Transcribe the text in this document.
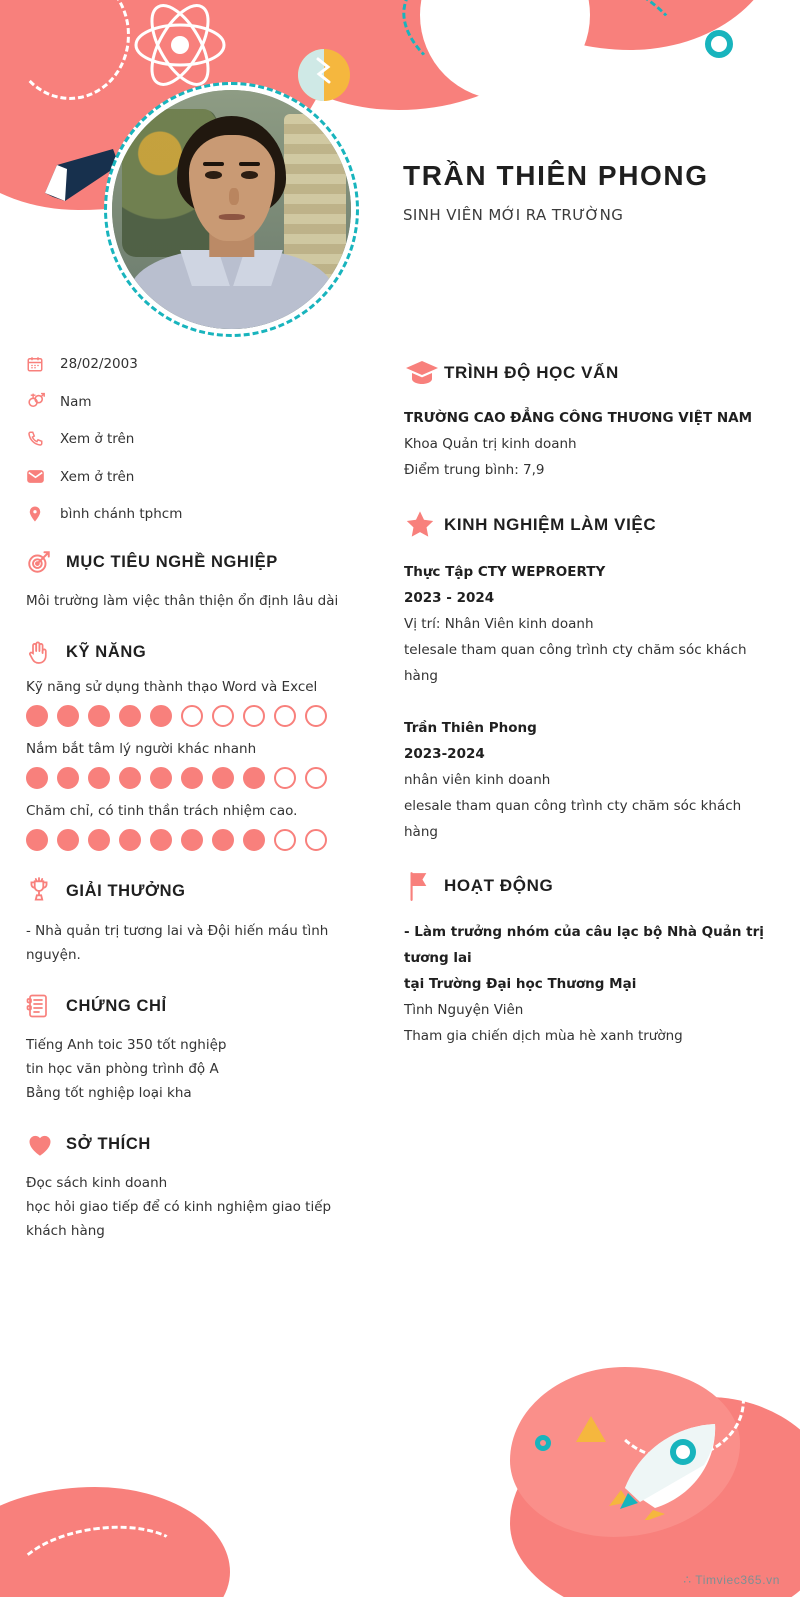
TRẦN THIÊN PHONG

SINH VIÊN MỚI RA TRƯỜNG

28/02/2003
Nam
Xem ở trên
Xem ở trên
bình chánh tphcm
MỤC TIÊU NGHỀ NGHIỆP

Môi trường làm việc thân thiện ổn định lâu dài

KỸ NĂNG
Kỹ năng sử dụng thành thạo Word và Excel
Nắm bắt tâm lý người khác nhanh
Chăm chỉ, có tinh thần trách nhiệm cao.
GIẢI THƯỞNG

- Nhà quản trị tương lai và Đội hiến máu tình nguyện.

CHỨNG CHỈ

Tiếng Anh toic 350 tốt nghiệp

tin học văn phòng trình độ A

Bằng tốt nghiệp loại kha

SỞ THÍCH

Đọc sách kinh doanh

học hỏi giao tiếp để có kinh nghiệm giao tiếp

khách hàng

TRÌNH ĐỘ HỌC VẤN
TRƯỜNG CAO ĐẲNG CÔNG THƯƠNG VIỆT NAM
Khoa Quản trị kinh doanh
Điểm trung bình: 7,9
KINH NGHIỆM LÀM VIỆC
Thực Tập CTY WEPROERTY
2023 - 2024
Vị trí: Nhân Viên kinh doanh
telesale tham quan công trình cty chăm sóc khách hàng
Trần Thiên Phong
2023-2024
nhân viên kinh doanh
elesale tham quan công trình cty chăm sóc khách hàng
HOẠT ĐỘNG
- Làm trưởng nhóm của câu lạc bộ Nhà Quản trị tương lai
tại Trường Đại học Thương Mại
Tình Nguyện Viên
Tham gia chiến dịch mùa hè xanh trường
∴ Timviec365.vn
